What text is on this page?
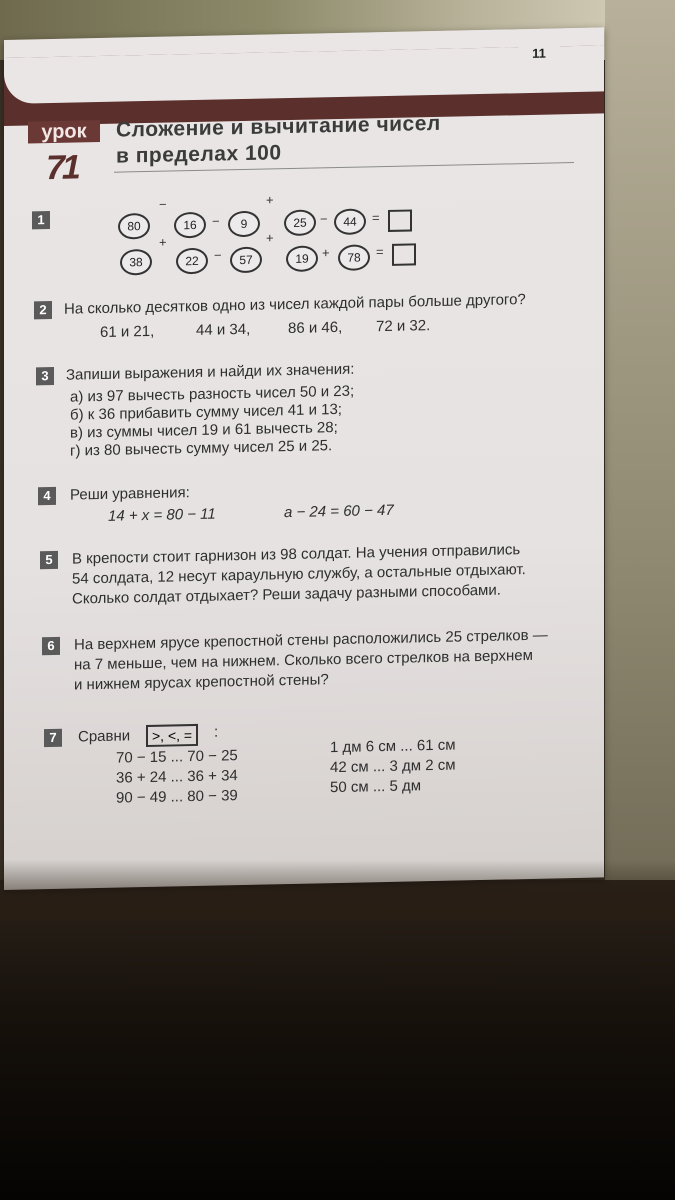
11
урок
71
Сложение и вычитание чисел
в пределах 100
1	80
−
16	−	9
+
25	−	44	=
38
+
22	−	57
+
19	+	78	=
2	На сколько десятков одно из чисел каждой пары больше другого?
61 и 21,	44 и 34,	86 и 46, 72 и 32.
3	Запиши выражения и найди их значения:
а) из 97 вычесть разность чисел 50 и 23;
б) к 36 прибавить сумму чисел 41 и 13;
в) из суммы чисел 19 и 61 вычесть 28;
г) из 80 вычесть сумму чисел 25 и 25.
4	Реши уравнения:
14 + x = 80 − 11	a − 24 = 60 − 47
5	В крепости стоит гарнизон из 98 солдат. На учения отправились
54 солдата, 12 несут караульную службу, а остальные отдыхают.
Сколько солдат отдыхает? Реши задачу разными способами.
6	На верхнем ярусе крепостной стены расположились 25 стрелков —
на 7 меньше, чем на нижнем. Сколько всего стрелков на верхнем
и нижнем ярусах крепостной стены?
7	Сравни	>, <, =	:
70 − 15 ... 70 − 25
36 + 24 ... 36 + 34
90 − 49 ... 80 − 39
1 дм 6 см ... 61 см
42 см ... 3 дм 2 см
50 см ... 5 дм
